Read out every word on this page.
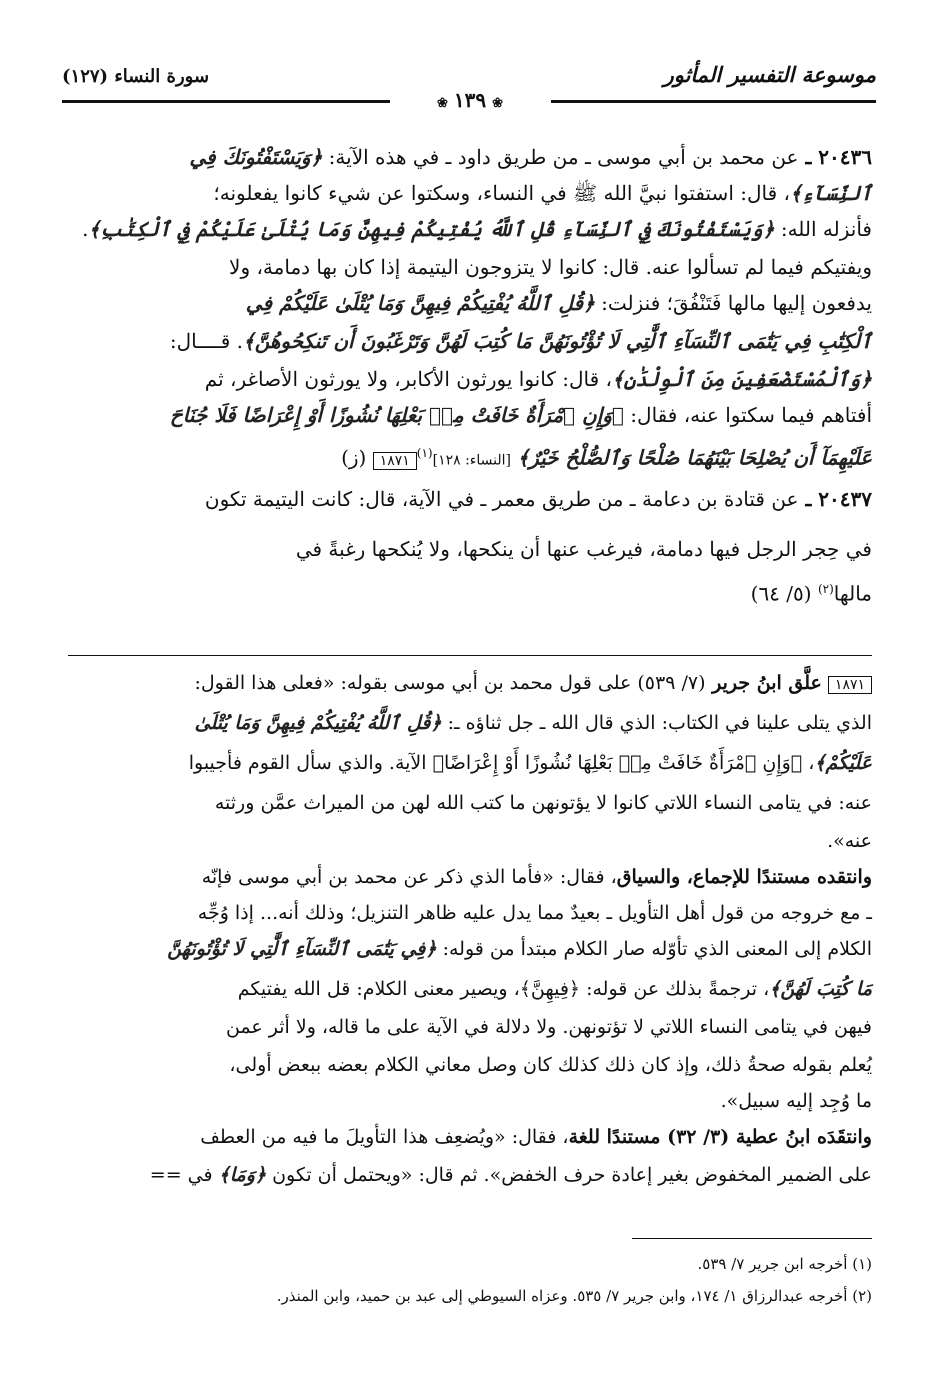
موسوعة التفسير المأثور
سورة النساء (١٢٧)
❀١٣٩❀
٢٠٤٣٦ ـ عن محمد بن أبي موسى ـ من طريق داود ـ في هذه الآية: ﴿وَيَسْتَفْتُونَكَ فِي
ٱلنِّسَآءِ﴾، قال: استفتوا نبيَّ الله ﷺ في النساء، وسكتوا عن شيء كانوا يفعلونه؛
فأنزله الله: ﴿وَيَسْتَفْتُونَكَ فِي ٱلنِّسَآءِ قُلِ ٱللَّهُ يُفْتِيكُمْ فِيهِنَّ وَمَا يُتْلَىٰ عَلَيْكُمْ فِي ٱلْكِتَٰبِ﴾.
ويفتيكم فيما لم تسألوا عنه. قال: كانوا لا يتزوجون اليتيمة إذا كان بها دمامة، ولا
يدفعون إليها مالها فَتَنْفُقَ؛ فنزلت: ﴿قُلِ ٱللَّهُ يُفْتِيكُمْ فِيهِنَّ وَمَا يُتْلَىٰ عَلَيْكُمْ فِي
ٱلْكِتَٰبِ فِي يَتَٰمَى ٱلنِّسَآءِ ٱلَّٰتِي لَا تُؤْتُونَهُنَّ مَا كُتِبَ لَهُنَّ وَتَرْغَبُونَ أَن تَنكِحُوهُنَّ﴾. قــــال:
﴿وَٱلْمُسْتَضْعَفِينَ مِنَ ٱلْوِلْدَٰنِ﴾، قال: كانوا يورثون الأكابر، ولا يورثون الأصاغر، ثم
أفتاهم فيما سكتوا عنه، فقال: ﴿وَإِنِ ٱمْرَأَةٌ خَافَتْ مِنۢ بَعْلِهَا نُشُوزًا أَوْ إِعْرَاضًا فَلَا جُنَاحَ
عَلَيْهِمَآ أَن يُصْلِحَا بَيْنَهُمَا صُلْحًا وَٱلصُّلْحُ خَيْرٌ﴾ [النساء: ١٢٨]$^{(١)}$١٨٧١ (ز)
٢٠٤٣٧ ـ عن قتادة بن دعامة ـ من طريق معمر ـ في الآية، قال: كانت اليتيمة تكون
في حِجر الرجل فيها دمامة، فيرغب عنها أن ينكحها، ولا يُنكحها رغبةً في
مالها$^{(٢)}$ (٥/ ٦٤)
١٨٧١ علَّق ابنُ جرير (٧/ ٥٣٩) على قول محمد بن أبي موسى بقوله: «فعلى هذا القول:
الذي يتلى علينا في الكتاب: الذي قال الله ـ جل ثناؤه ـ: ﴿قُلِ ٱللَّهُ يُفْتِيكُمْ فِيهِنَّ وَمَا يُتْلَىٰ
عَلَيْكُمْ﴾، ﴿وَإِنِ ٱمْرَأَةٌ خَافَتْ مِنۢ بَعْلِهَا نُشُوزًا أَوْ إِعْرَاضًا﴾ الآية. والذي سأل القوم فأجيبوا
عنه: في يتامى النساء اللاتي كانوا لا يؤتونهن ما كتب الله لهن من الميراث عمَّن ورثته
عنه».
وانتقده مستندًا للإجماع، والسياق، فقال: «فأما الذي ذكر عن محمد بن أبي موسى فإنّه
ـ مع خروجه من قول أهل التأويل ـ بعيدٌ مما يدل عليه ظاهر التنزيل؛ وذلك أنه... إذا وُجِّه
الكلام إلى المعنى الذي تأوّله صار الكلام مبتدأ من قوله: ﴿فِي يَتَٰمَى ٱلنِّسَآءِ ٱلَّٰتِي لَا تُؤْتُونَهُنَّ
مَا كُتِبَ لَهُنَّ﴾، ترجمةً بذلك عن قوله: ﴿فِيهِنَّ﴾، ويصير معنى الكلام: قل الله يفتيكم
فيهن في يتامى النساء اللاتي لا تؤتونهن. ولا دلالة في الآية على ما قاله، ولا أثر عمن
يُعلم بقوله صحةُ ذلك، وإذ كان ذلك كذلك كان وصل معاني الكلام بعضه ببعض أولى،
ما وُجِد إليه سبيل».
وانتقَدَه ابنُ عطية (٣/ ٣٢) مستندًا للغة، فقال: «ويُضعِف هذا التأويلَ ما فيه من العطف
على الضمير المخفوض بغير إعادة حرف الخفض». ثم قال: «ويحتمل أن تكون ﴿وَمَا﴾ في ==
(١) أخرجه ابن جرير ٧/ ٥٣٩.
(٢) أخرجه عبدالرزاق ١/ ١٧٤، وابن جرير ٧/ ٥٣٥. وعزاه السيوطي إلى عبد بن حميد، وابن المنذر.
